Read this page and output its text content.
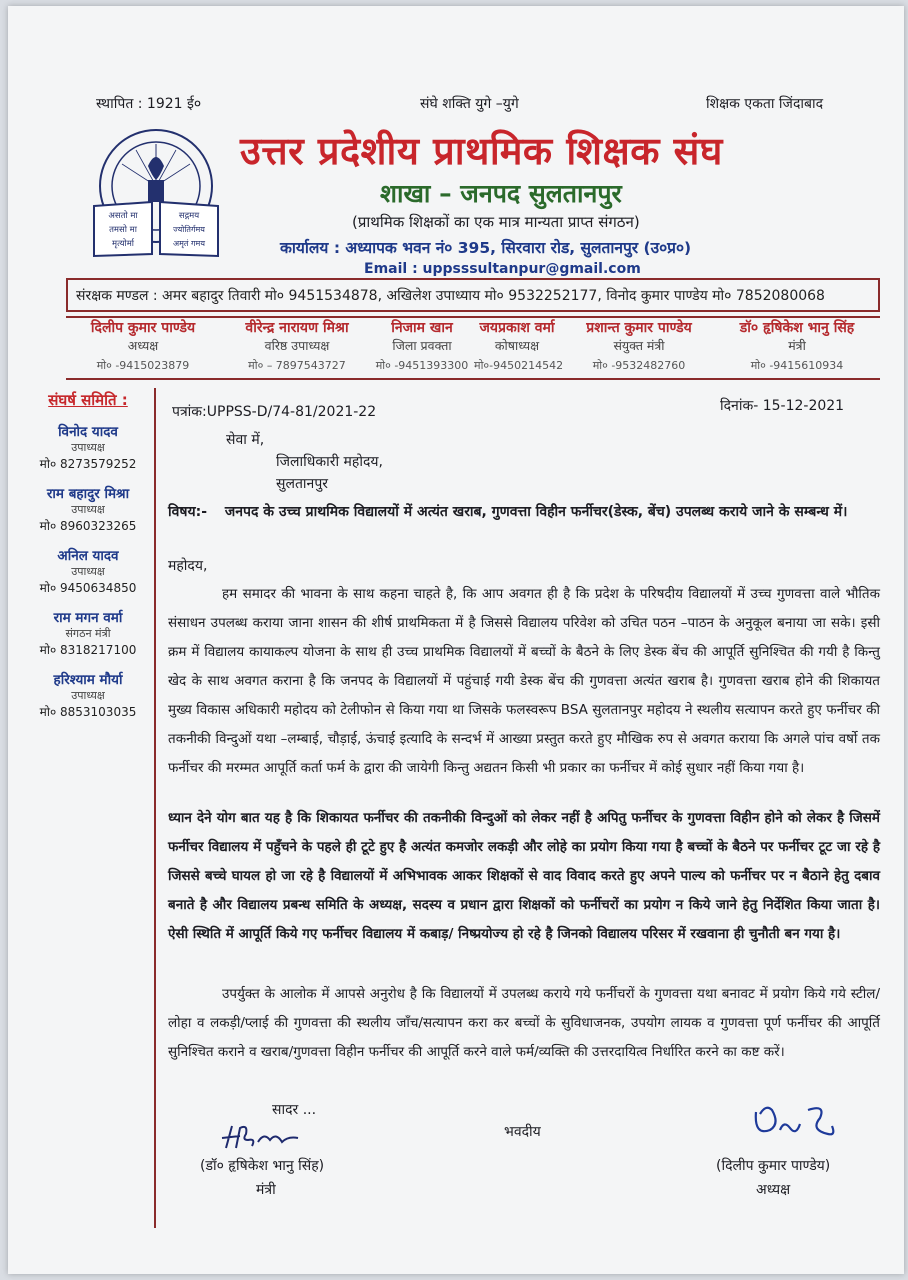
स्थापित : 1921 ई०	संघे शक्ति युगे –युगे	शिक्षक एकता जिंदाबाद
असतो मा	सद्गमय
तमसो मा	ज्योतिर्गमय
मृत्योर्मा	अमृतं गमय
उत्तर प्रदेशीय प्राथमिक शिक्षक संघ
शाखा – जनपद सुलतानपुर
(प्राथमिक शिक्षकों का एक मात्र मान्यता प्राप्त संगठन)
कार्यालय : अध्यापक भवन नं० 395, सिरवारा रोड, सुलतानपुर (उ०प्र०)
Email : uppsssultanpur@gmail.com
संरक्षक मण्डल : अमर बहादुर तिवारी मो० 9451534878, अखिलेश उपाध्याय मो० 9532252177, विनोद कुमार पाण्डेय मो० 7852080068
दिलीप कुमार पाण्डेय
अध्यक्ष
मो० -9415023879
वीरेन्द्र नारायण मिश्रा
वरिष्ठ उपाध्यक्ष
मो० – 7897543727
निजाम खान
जिला प्रवक्ता
मो० -9451393300
जयप्रकाश वर्मा
कोषाध्यक्ष
मो०-9450214542
प्रशान्त कुमार पाण्डेय
संयुक्त मंत्री
मो० -9532482760
डॉ० हृषिकेश भानु सिंह
मंत्री
मो० -9415610934
संघर्ष समिति :
विनोद यादव
उपाध्यक्ष
मो० 8273579252
राम बहादुर मिश्रा
उपाध्यक्ष
मो० 8960323265
अनिल यादव
उपाध्यक्ष
मो० 9450634850
राम मगन वर्मा
संगठन मंत्री
मो० 8318217100
हरिश्याम मौर्या
उपाध्यक्ष
मो० 8853103035
पत्रांक:UPPSS-D/74-81/2021-22	दिनांक- 15-12-2021
सेवा में,
जिलाधिकारी महोदय,
सुलतानपुर
विषय:- जनपद के उच्च प्राथमिक विद्यालयों में अत्यंत खराब, गुणवत्ता विहीन फर्नीचर(डेस्क, बेंच) उपलब्ध कराये जाने के सम्बन्ध में।
महोदय,
हम समादर की भावना के साथ कहना चाहते है, कि आप अवगत ही है कि प्रदेश के परिषदीय विद्यालयों में उच्च गुणवत्ता वाले भौतिक संसाधन उपलब्ध कराया जाना शासन की शीर्ष प्राथमिकता में है जिससे विद्यालय परिवेश को उचित पठन –पाठन के अनुकूल बनाया जा सके। इसी क्रम में विद्यालय कायाकल्प योजना के साथ ही उच्च प्राथमिक विद्यालयों में बच्चों के बैठने के लिए डेस्क बेंच की आपूर्ति सुनिश्चित की गयी है किन्तु खेद के साथ अवगत कराना है कि जनपद के विद्यालयों में पहुंचाई गयी डेस्क बेंच की गुणवत्ता अत्यंत खराब है। गुणवत्ता खराब होने की शिकायत मुख्य विकास अधिकारी महोदय को टेलीफोन से किया गया था जिसके फलस्वरूप BSA सुलतानपुर महोदय ने स्थलीय सत्यापन करते हुए फर्नीचर की तकनीकी विन्दुओं यथा –लम्बाई, चौड़ाई, ऊंचाई इत्यादि के सन्दर्भ में आख्या प्रस्तुत करते हुए मौखिक रुप से अवगत कराया कि अगले पांच वर्षो तक फर्नीचर की मरम्मत आपूर्ति कर्ता फर्म के द्वारा की जायेगी किन्तु अद्यतन किसी भी प्रकार का फर्नीचर में कोई सुधार नहीं किया गया है।
ध्यान देने योग बात यह है कि शिकायत फर्नीचर की तकनीकी विन्दुओं को लेकर नहीं है अपितु फर्नीचर के गुणवत्ता विहीन होने को लेकर है जिसमें फर्नीचर विद्यालय में पहुँचने के पहले ही टूटे हुए है अत्यंत कमजोर लकड़ी और लोहे का प्रयोग किया गया है बच्चों के बैठने पर फर्नीचर टूट जा रहे है जिससे बच्चे घायल हो जा रहे है विद्यालयों में अभिभावक आकर शिक्षकों से वाद विवाद करते हुए अपने पाल्य को फर्नीचर पर न बैठाने हेतु दबाव बनाते है और विद्यालय प्रबन्ध समिति के अध्यक्ष, सदस्य व प्रधान द्वारा शिक्षकों को फर्नीचरों का प्रयोग न किये जाने हेतु निर्देशित किया जाता है। ऐसी स्थिति में आपूर्ति किये गए फर्नीचर विद्यालय में कबाड़/ निष्प्रयोज्य हो रहे है जिनको विद्यालय परिसर में रखवाना ही चुनौती बन गया है।
उपर्युक्त के आलोक में आपसे अनुरोध है कि विद्यालयों में उपलब्ध कराये गये फर्नीचरों के गुणवत्ता यथा बनावट में प्रयोग किये गये स्टील/लोहा व लकड़ी/प्लाई की गुणवत्ता की स्थलीय जाँच/सत्यापन करा कर बच्चों के सुविधाजनक, उपयोग लायक व गुणवत्ता पूर्ण फर्नीचर की आपूर्ति सुनिश्चित कराने व खराब/गुणवत्ता विहीन फर्नीचर की आपूर्ति करने वाले फर्म/व्यक्ति की उत्तरदायित्व निर्धारित करने का कष्ट करें।
सादर ...
भवदीय
(डॉ० हृषिकेश भानु सिंह)
मंत्री
(दिलीप कुमार पाण्डेय)
अध्यक्ष
